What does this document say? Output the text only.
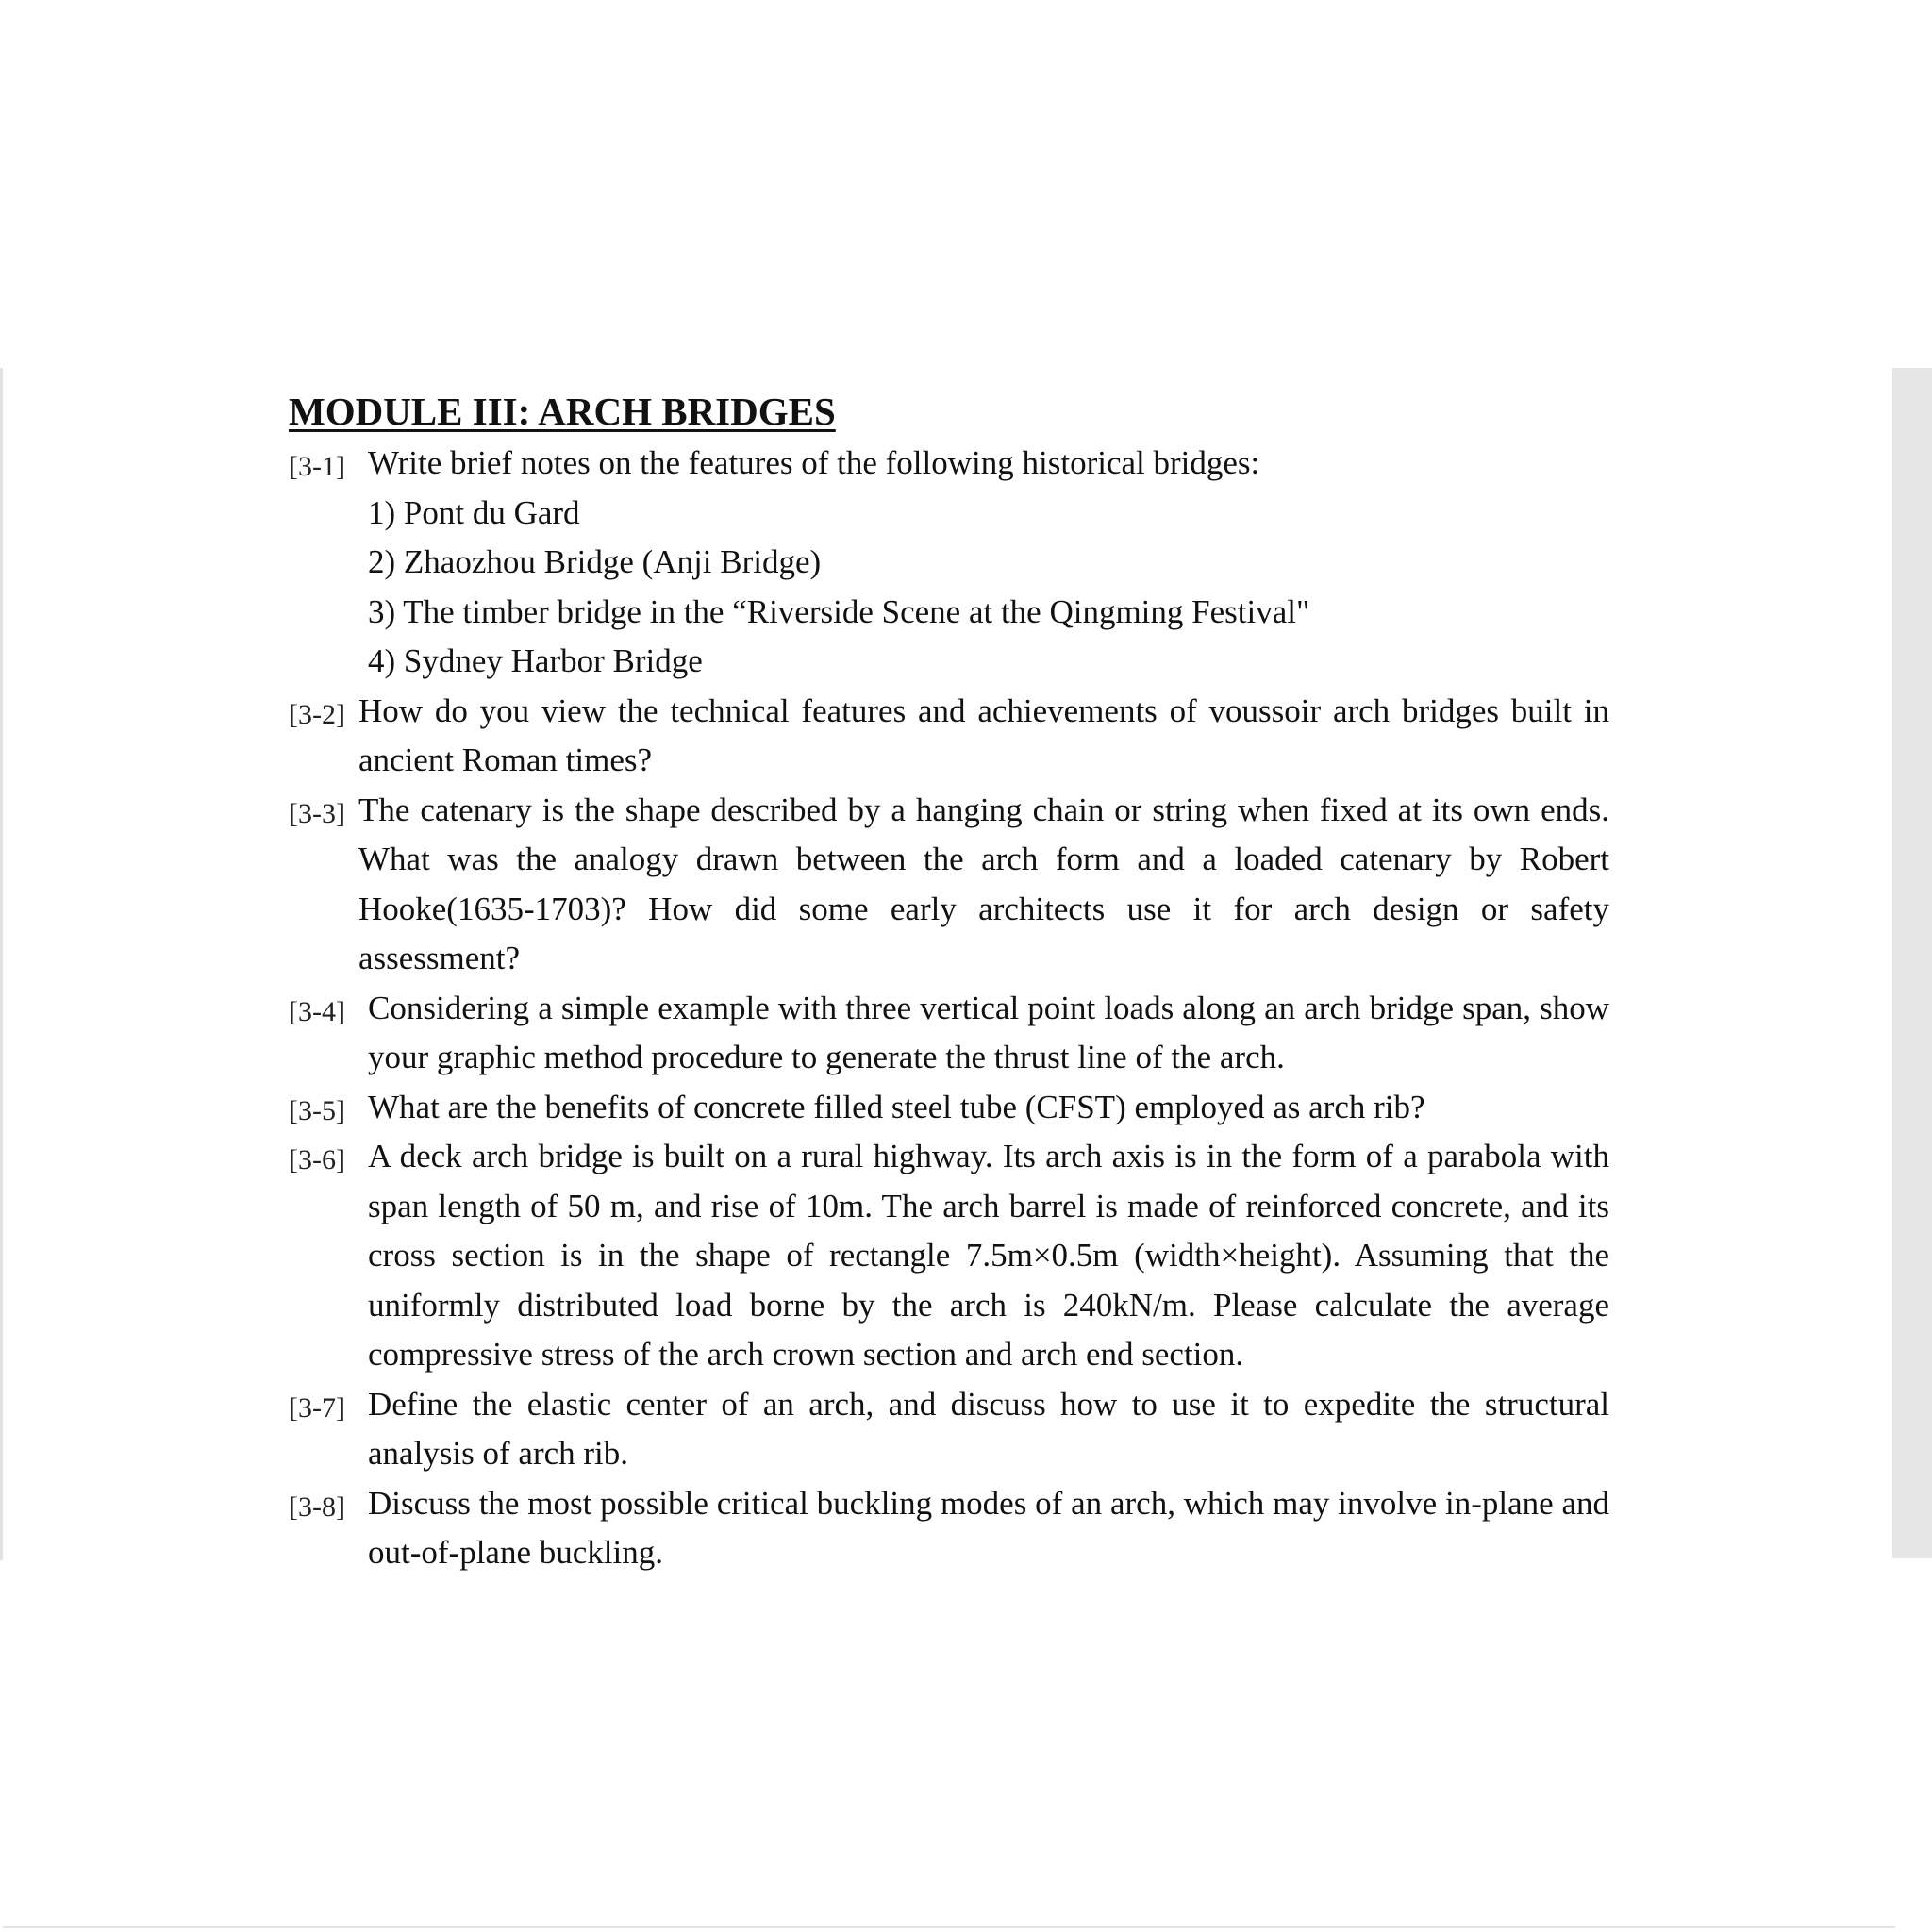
MODULE III: ARCH BRIDGES
[3-1] Write brief notes on the features of the following historical bridges:
1) Pont du Gard
2) Zhaozhou Bridge (Anji Bridge)
3) The timber bridge in the “Riverside Scene at the Qingming Festival"
4) Sydney Harbor Bridge
[3-2] How do you view the technical features and achievements of voussoir arch bridges built in ancient Roman times?
[3-3] The catenary is the shape described by a hanging chain or string when fixed at its own ends. What was the analogy drawn between the arch form and a loaded catenary by Robert Hooke(1635-1703)? How did some early architects use it for arch design or safety assessment?
[3-4] Considering a simple example with three vertical point loads along an arch bridge span, show your graphic method procedure to generate the thrust line of the arch.
[3-5] What are the benefits of concrete filled steel tube (CFST) employed as arch rib?
[3-6] A deck arch bridge is built on a rural highway. Its arch axis is in the form of a parabola with span length of 50 m, and rise of 10m. The arch barrel is made of reinforced concrete, and its cross section is in the shape of rectangle 7.5m×0.5m (width×height). Assuming that the uniformly distributed load borne by the arch is 240kN/m. Please calculate the average compressive stress of the arch crown section and arch end section.
[3-7] Define the elastic center of an arch, and discuss how to use it to expedite the structural analysis of arch rib.
[3-8] Discuss the most possible critical buckling modes of an arch, which may involve in-plane and out-of-plane buckling.
